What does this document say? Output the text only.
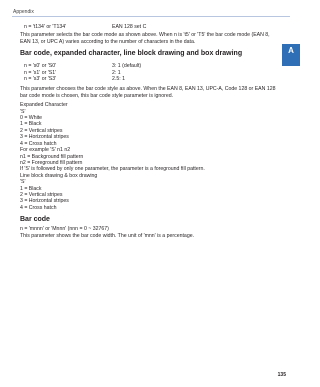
Appendix
A
n = 't134' or 'T134'	EAN 128 set C

This parameter selects the bar code mode as shown above. When n is 't5' or 'T5' the bar code mode (EAN 8, EAN 13, or UPC A) varies according to the number of characters in the data.

Bar code, expanded character, line block drawing and box drawing

n = 's0' or 'S0'	3: 1 (default)
n = 's1' or 'S1'	2: 1
n = 's3' or 'S3'	2.5: 1

This parameter chooses the bar code style as above. When the EAN 8, EAN 13, UPC-A, Code 128 or EAN 128 bar code mode is chosen, this bar code style parameter is ignored.

Expanded Character

'S'

0 = White

1 = Black

2 = Vertical stripes

3 = Horizontal stripes

4 = Cross hatch

For example 'S' n1 n2

n1 = Background fill pattern

n2 = Foreground fill pattern

If 'S' is followed by only one parameter, the parameter is a foreground fill pattern.

Line block drawing & box drawing

'S'

1 = Black

2 = Vertical stripes

3 = Horizontal stripes

4 = Cross hatch

Bar code

n = 'mnnn' or 'Mnnn' (nnn = 0 ~ 32767)

This parameter shows the bar code width. The unit of 'mnn' is a percentage.

135
